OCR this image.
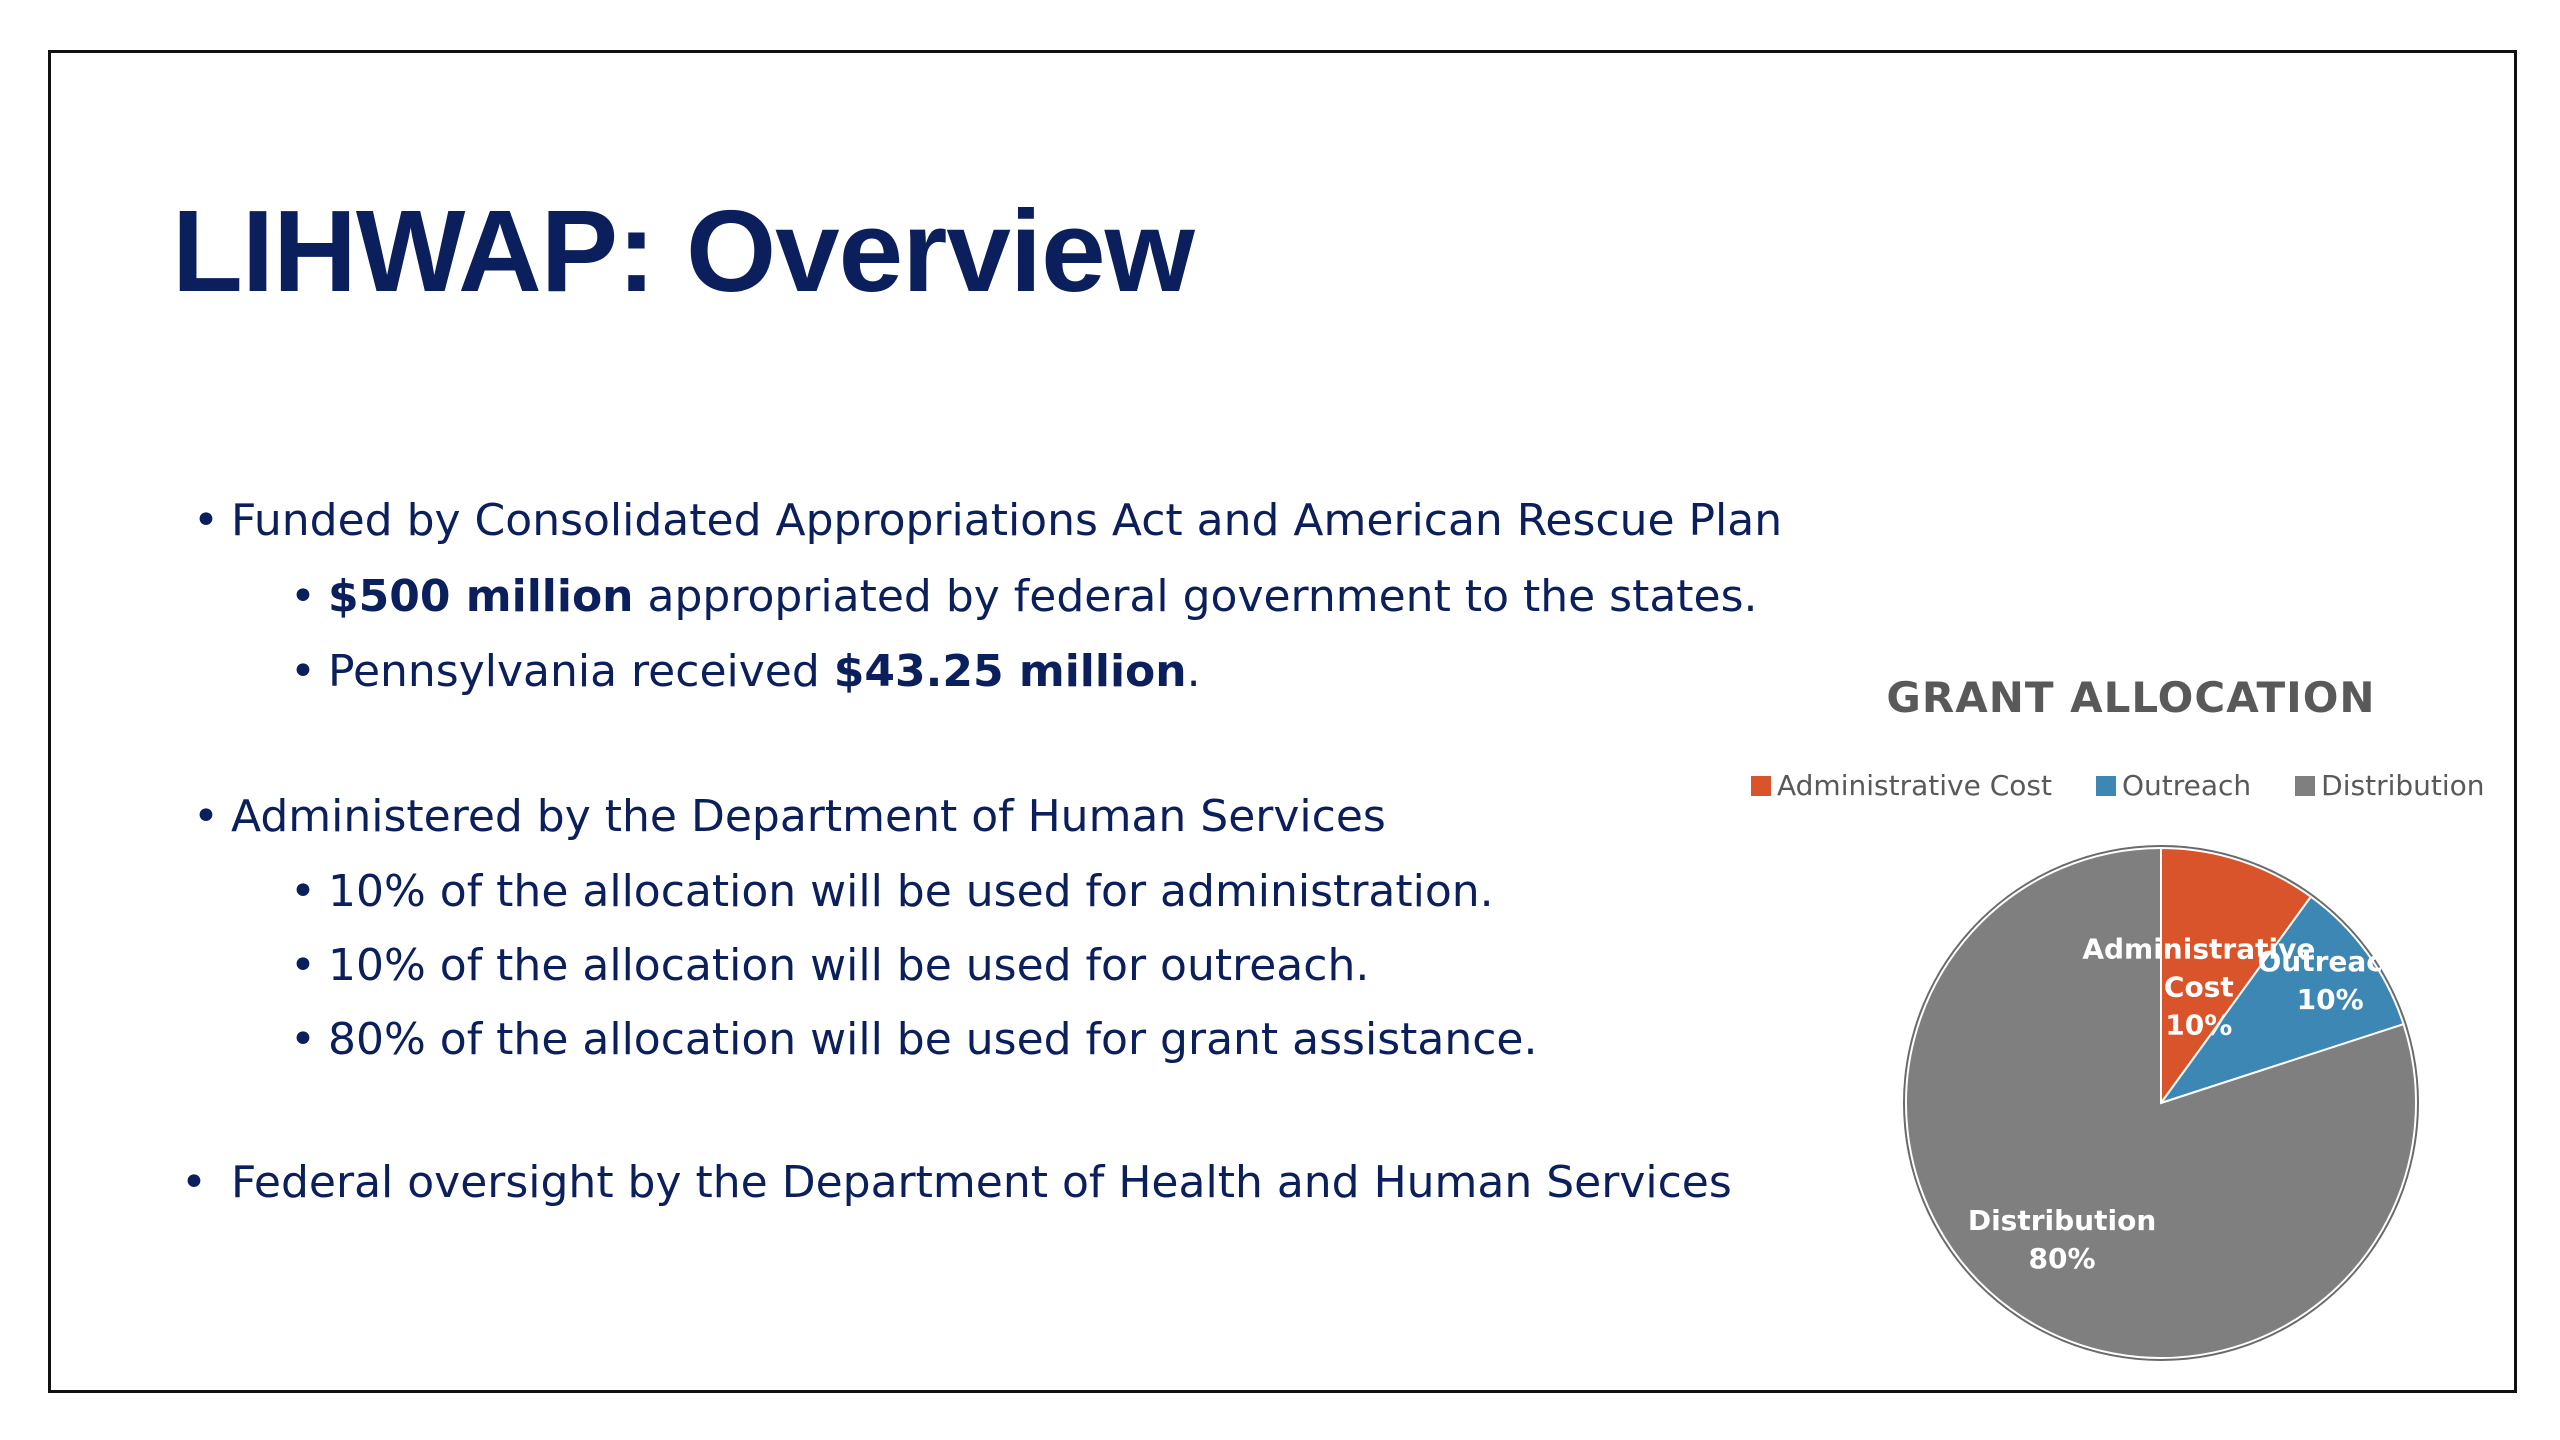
LIHWAP: Overview
• Funded by Consolidated Appropriations Act and American Rescue Plan
• $500 million appropriated by federal government to the states.
• Pennsylvania received $43.25 million.
• Administered by the Department of Human Services
• 10% of the allocation will be used for administration.
• 10% of the allocation will be used for outreach.
• 80% of the allocation will be used for grant assistance.
• Federal oversight by the Department of Health and Human Services
GRANT ALLOCATION
Administrative Cost	Outreach	Distribution
Administrative Cost 10%
Outreach 10%
Distribution 80%
